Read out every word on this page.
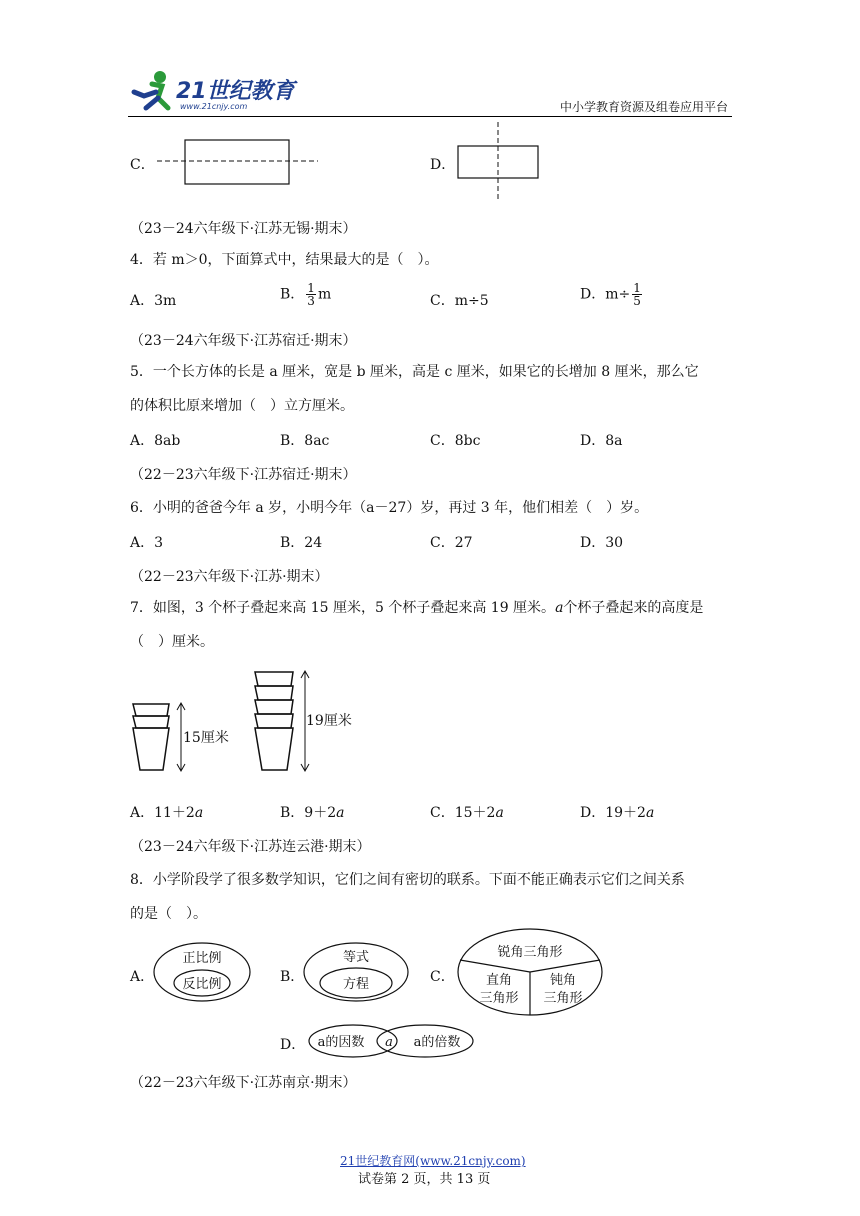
21世纪教育
www.21cnjy.com	中小学教育资源及组卷应用平台
C．	D．
（23－24六年级下·江苏无锡·期末）
4．若 m＞0，下面算式中，结果最大的是（　）。
A．3m	B． $\frac{1}{3}$ m	C．m÷5	D．$m\div \frac{1}{5}$
（23－24六年级下·江苏宿迁·期末）
5．一个长方体的长是 a 厘米，宽是 b 厘米，高是 c 厘米，如果它的长增加 8 厘米，那么它
的体积比原来增加（　）立方厘米。
A．8ab	B．8ac	C．8bc	D．8a
（22－23六年级下·江苏宿迁·期末）
6．小明的爸爸今年 a 岁，小明今年（a－27）岁，再过 3 年，他们相差（　）岁。
A．3	B．24	C．27	D．30
（22－23六年级下·江苏·期末）
7．如图，3 个杯子叠起来高 15 厘米，5 个杯子叠起来高 19 厘米。a个杯子叠起来的高度是
（　）厘米。
15厘米
19厘米
A．11＋2a	B．9＋2a	C．15＋2a	D．19＋2a
（23－24六年级下·江苏连云港·期末）
8．小学阶段学了很多数学知识，它们之间有密切的联系。下面不能正确表示它们之间关系
的是（　）。
A．
正比例
反比例	B．
等式
方程	C．
锐角三角形
直角
三角形
钝角
三角形
D． a的因数 a a的倍数
（22－23六年级下·江苏南京·期末）
21世纪教育网(www.21cnjy.com)
试卷第 2 页，共 13 页
